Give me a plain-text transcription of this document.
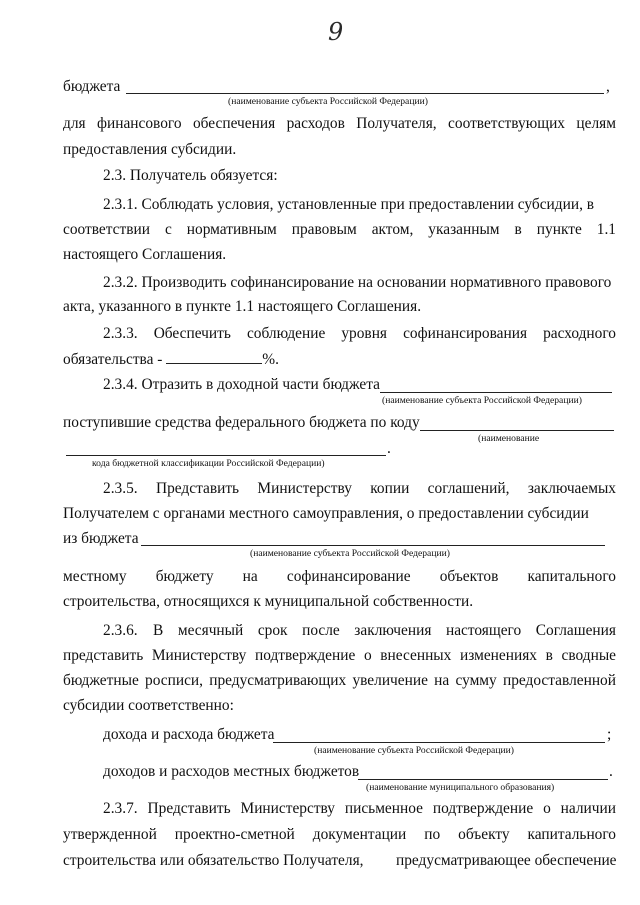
9
бюджета	,
(наименование субъекта Российской Федерации)
для финансового обеспечения расходов Получателя, соответствующих целям
предоставления субсидии.
2.3. Получатель обязуется:
2.3.1. Соблюдать условия, установленные при предоставлении субсидии, в
соответствии с нормативным правовым актом, указанным в пункте 1.1
настоящего Соглашения.
2.3.2. Производить софинансирование на основании нормативного правового
акта, указанного в пункте 1.1 настоящего Соглашения.
2.3.3. Обеспечить соблюдение уровня софинансирования расходного
обязательства -	%.
2.3.4. Отразить в доходной части бюджета
(наименование субъекта Российской Федерации)
поступившие средства федерального бюджета по коду
(наименование
.
кода бюджетной классификации Российской Федерации)
2.3.5. Представить Министерству копии соглашений, заключаемых
Получателем с органами местного самоуправления, о предоставлении субсидии
из бюджета
(наименование субъекта Российской Федерации)
местному бюджету на софинансирование объектов капитального
строительства, относящихся к муниципальной собственности.
2.3.6. В месячный срок после заключения настоящего Соглашения
представить Министерству подтверждение о внесенных изменениях в сводные
бюджетные росписи, предусматривающих увеличение на сумму предоставленной
субсидии соответственно:
дохода и расхода бюджета	;
(наименование субъекта Российской Федерации)
доходов и расходов местных бюджетов	.
(наименование муниципального образования)
2.3.7. Представить Министерству письменное подтверждение о наличии
утвержденной проектно-сметной документации по объекту капитального
строительства или обязательство Получателя, предусматривающее обеспечение
